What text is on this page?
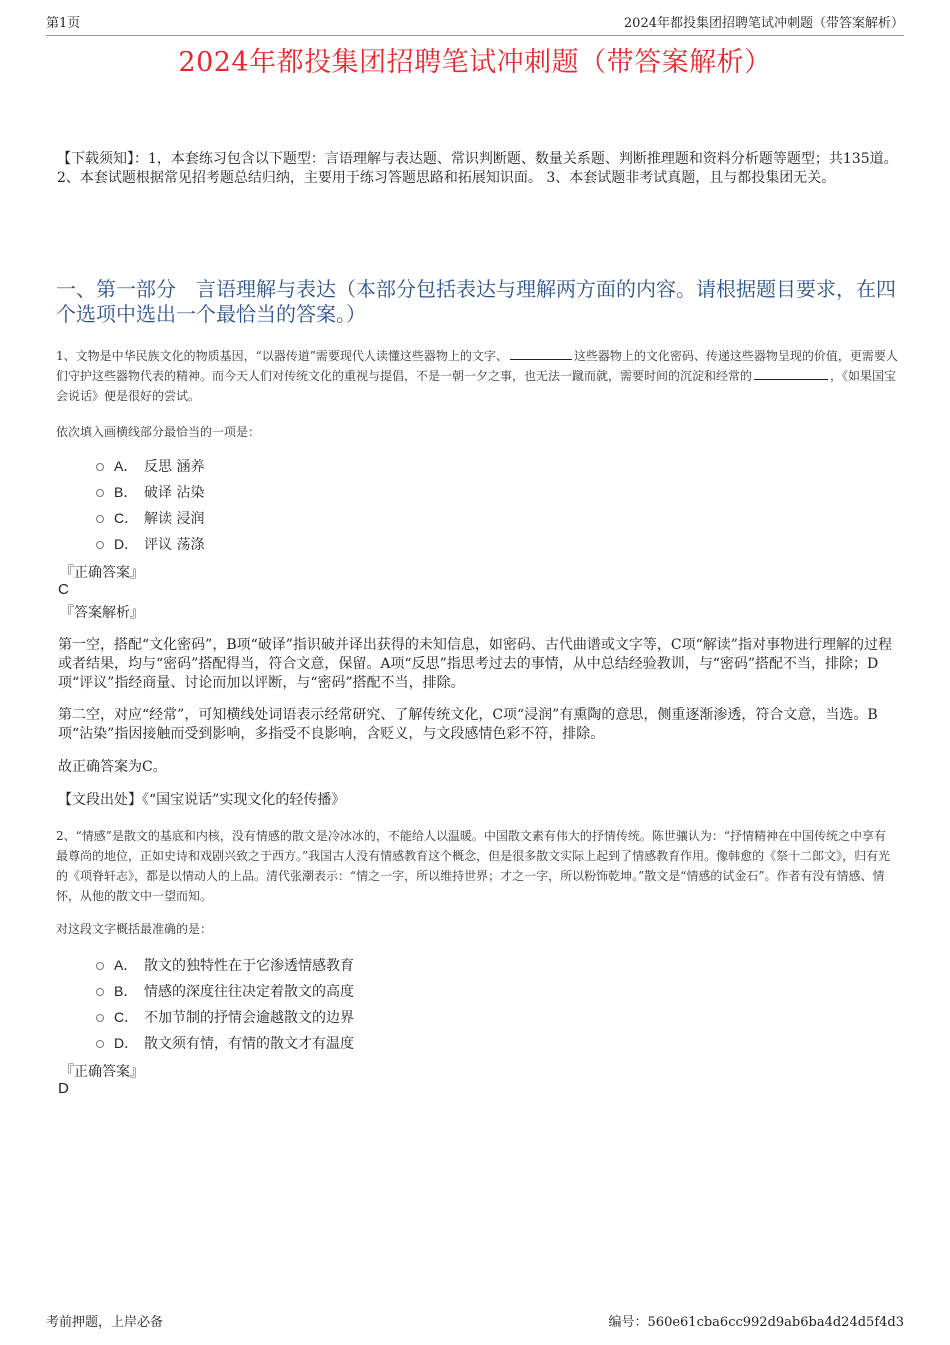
第1页	2024年都投集团招聘笔试冲刺题（带答案解析）
2024年都投集团招聘笔试冲刺题（带答案解析）
【下载须知】：1，本套练习包含以下题型：言语理解与表达题、常识判断题、数量关系题、判断推理题和资料分析题等题型；共135道。 2、本套试题根据常见招考题总结归纳，主要用于练习答题思路和拓展知识面。 3、本套试题非考试真题，且与都投集团无关。
一、第一部分　言语理解与表达（本部分包括表达与理解两方面的内容。请根据题目要求，在四个选项中选出一个最恰当的答案。）
1、文物是中华民族文化的物质基因，“以器传道”需要现代人读懂这些器物上的文字、	这些器物上的文化密码、传递这些器物呈现的价值，更需要人们守护这些器物代表的精神。而今天人们对传统文化的重视与提倡，不是一朝一夕之事，也无法一蹴而就，需要时间的沉淀和经常的	，《如果国宝会说话》便是很好的尝试。
依次填入画横线部分最恰当的一项是：
A． 反思 涵养
B． 破译 沾染
C． 解读 浸润
D． 评议 荡涤
『正确答案』
C
『答案解析』
第一空，搭配“文化密码”，B项“破译”指识破并译出获得的未知信息，如密码、古代曲谱或文字等，C项“解读”指对事物进行理解的过程或者结果，均与“密码”搭配得当，符合文意，保留。A项“反思”指思考过去的事情，从中总结经验教训，与“密码”搭配不当，排除；D项“评议”指经商量、讨论而加以评断，与“密码”搭配不当，排除。
第二空，对应“经常”，可知横线处词语表示经常研究、了解传统文化，C项“浸润”有熏陶的意思，侧重逐渐渗透，符合文意，当选。B项“沾染”指因接触而受到影响，多指受不良影响，含贬义，与文段感情色彩不符，排除。
故正确答案为C。
【文段出处】《“国宝说话”实现文化的轻传播》
2、“情感”是散文的基底和内核，没有情感的散文是冷冰冰的，不能给人以温暖。中国散文素有伟大的抒情传统。陈世骧认为：“抒情精神在中国传统之中享有最尊尚的地位，正如史诗和戏剧兴致之于西方。”我国古人没有情感教育这个概念，但是很多散文实际上起到了情感教育作用。像韩愈的《祭十二郎文》，归有光的《项脊轩志》，都是以情动人的上品。清代张潮表示：“情之一字，所以维持世界；才之一字，所以粉饰乾坤。”散文是“情感的试金石”。作者有没有情感、情怀，从他的散文中一望而知。
对这段文字概括最准确的是：
A． 散文的独特性在于它渗透情感教育
B． 情感的深度往往决定着散文的高度
C． 不加节制的抒情会逾越散文的边界
D． 散文须有情，有情的散文才有温度
『正确答案』
D
考前押题，上岸必备	编号：560e61cba6cc992d9ab6ba4d24d5f4d3
